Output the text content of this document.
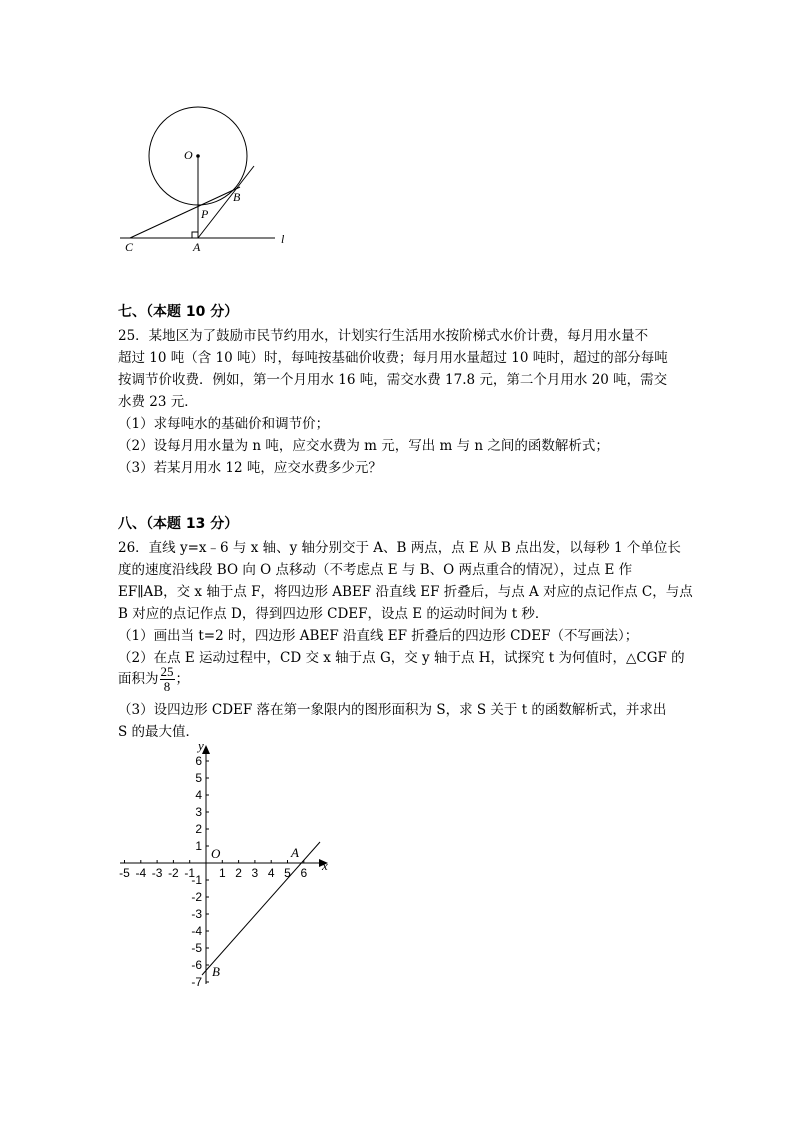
O
P
B
C	A
l
七、（本题 10 分）
25．某地区为了鼓励市民节约用水，计划实行生活用水按阶梯式水价计费，每月用水量不
超过 10 吨（含 10 吨）时，每吨按基础价收费；每月用水量超过 10 吨时，超过的部分每吨
按调节价收费．例如，第一个月用水 16 吨，需交水费 17.8 元，第二个月用水 20 吨，需交
水费 23 元．
（1）求每吨水的基础价和调节价；
（2）设每月用水量为 n 吨，应交水费为 m 元，写出 m 与 n 之间的函数解析式；
（3）若某月用水 12 吨，应交水费多少元？
八、（本题 13 分）
26．直线 y=x﹣6 与 x 轴、y 轴分别交于 A、B 两点，点 E 从 B 点出发，以每秒 1 个单位长
度的速度沿线段 BO 向 O 点移动（不考虑点 E 与 B、O 两点重合的情况），过点 E 作
EF∥AB，交 x 轴于点 F，将四边形 ABEF 沿直线 EF 折叠后，与点 A 对应的点记作点 C，与点
B 对应的点记作点 D，得到四边形 CDEF，设点 E 的运动时间为 t 秒．
（1）画出当 t=2 时，四边形 ABEF 沿直线 EF 折叠后的四边形 CDEF（不写画法）；
（2）在点 E 运动过程中，CD 交 x 轴于点 G，交 y 轴于点 H，试探究 t 为何值时，△CGF 的
面积为 $\frac{25}{8}$ ；
（3）设四边形 CDEF 落在第一象限内的图形面积为 S，求 S 关于 t 的函数解析式，并求出
S 的最大值．
-5 -4 -3 -2 -1 1 2 3 4 5 6
6
5
4
3
2
1
-1
-2
-3
-4
-5
-6
-7
x
y
O	A
B
